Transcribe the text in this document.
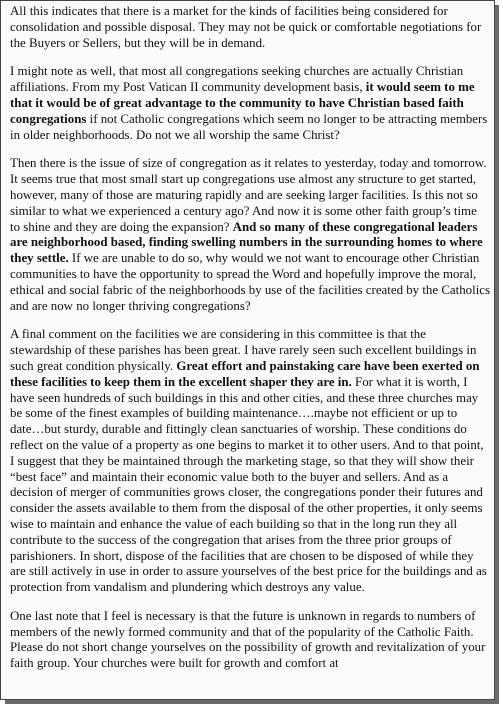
All this indicates that there is a market for the kinds of facilities being considered for consolidation and possible disposal. They may not be quick or comfortable negotiations for the Buyers or Sellers, but they will be in demand.

I might note as well, that most all congregations seeking churches are actually Christian affiliations. From my Post Vatican II community development basis, it would seem to me that it would be of great advantage to the community to have Christian based faith congregations if not Catholic congregations which seem no longer to be attracting members in older neighborhoods. Do not we all worship the same Christ?

Then there is the issue of size of congregation as it relates to yesterday, today and tomorrow. It seems true that most small start up congregations use almost any structure to get started, however, many of those are maturing rapidly and are seeking larger facilities. Is this not so similar to what we experienced a century ago? And now it is some other faith group’s time to shine and they are doing the expansion? And so many of these congregational leaders are neighborhood based, finding swelling numbers in the surrounding homes to where they settle. If we are unable to do so, why would we not want to encourage other Christian communities to have the opportunity to spread the Word and hopefully improve the moral, ethical and social fabric of the neighborhoods by use of the facilities created by the Catholics and are now no longer thriving congregations?

A final comment on the facilities we are considering in this committee is that the stewardship of these parishes has been great. I have rarely seen such excellent buildings in such great condition physically. Great effort and painstaking care have been exerted on these facilities to keep them in the excellent shaper they are in. For what it is worth, I have seen hundreds of such buildings in this and other cities, and these three churches may be some of the finest examples of building maintenance….maybe not efficient or up to date…but sturdy, durable and fittingly clean sanctuaries of worship. These conditions do reflect on the value of a property as one begins to market it to other users. And to that point, I suggest that they be maintained through the marketing stage, so that they will show their “best face” and maintain their economic value both to the buyer and sellers. And as a decision of merger of communities grows closer, the congregations ponder their futures and consider the assets available to them from the disposal of the other properties, it only seems wise to maintain and enhance the value of each building so that in the long run they all contribute to the success of the congregation that arises from the three prior groups of parishioners. In short, dispose of the facilities that are chosen to be disposed of while they are still actively in use in order to assure yourselves of the best price for the buildings and as protection from vandalism and plundering which destroys any value.

One last note that I feel is necessary is that the future is unknown in regards to numbers of members of the newly formed community and that of the popularity of the Catholic Faith. Please do not short change yourselves on the possibility of growth and revitalization of your faith group. Your churches were built for growth and comfort at
